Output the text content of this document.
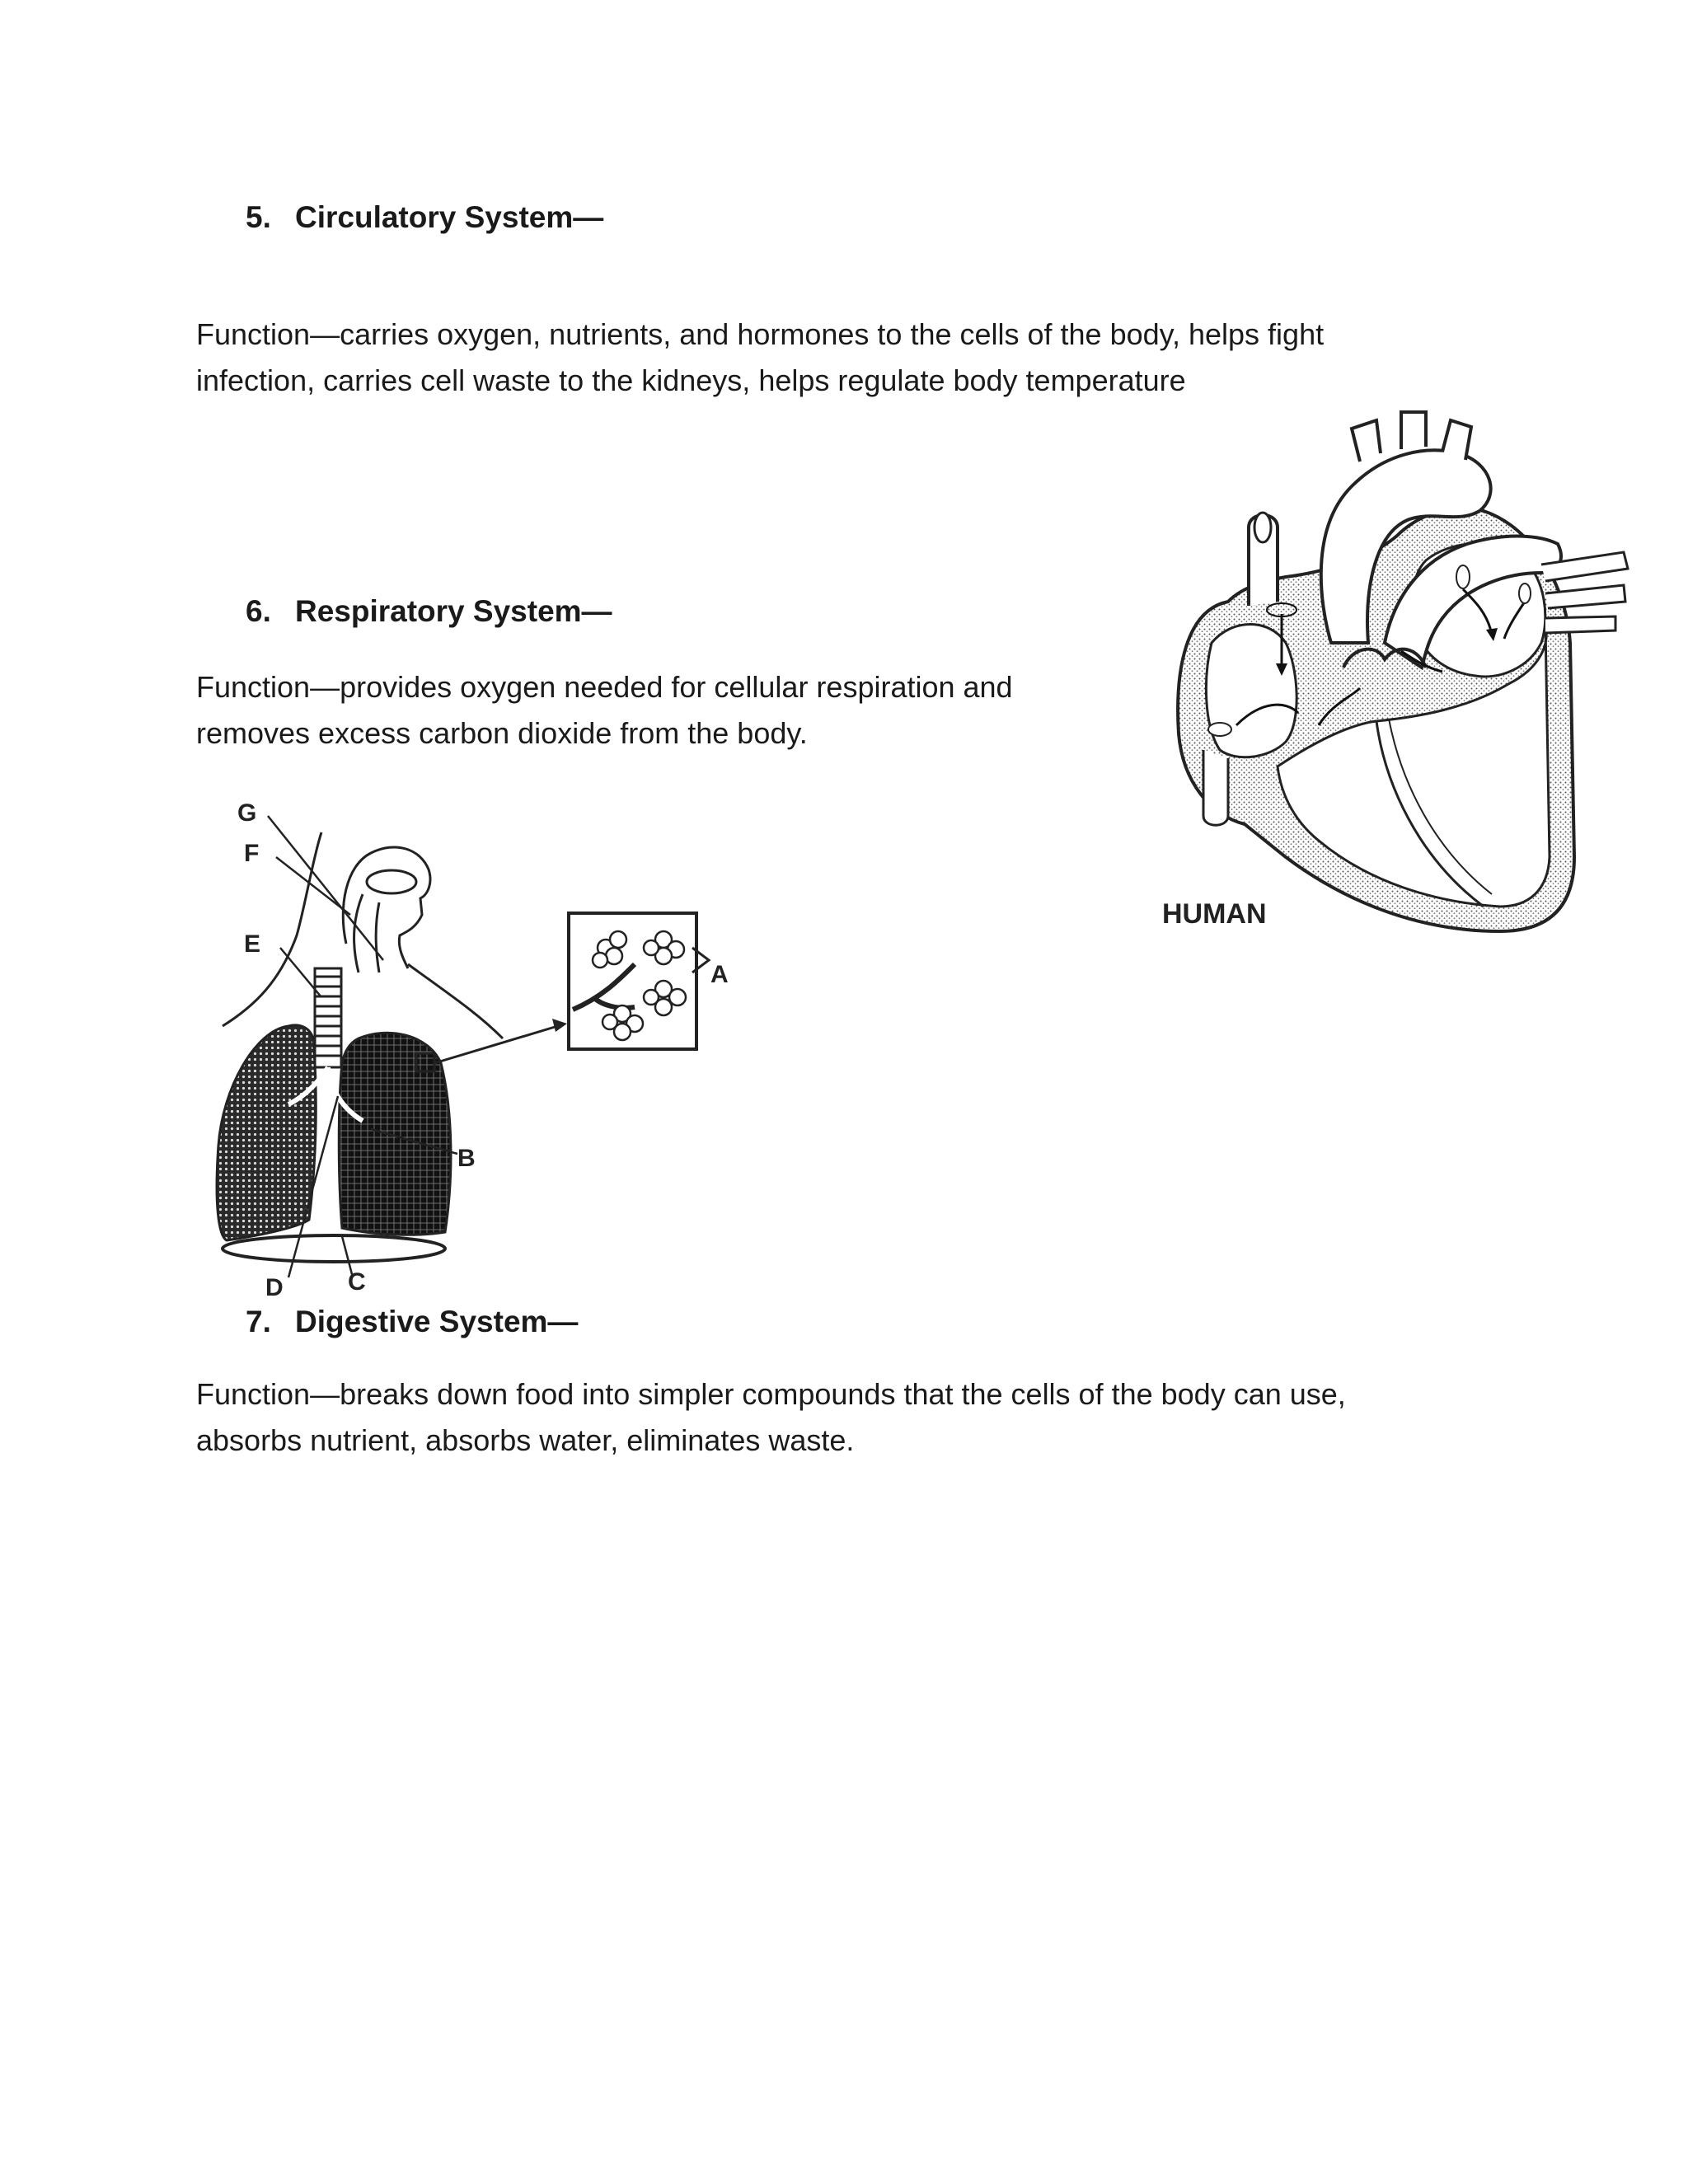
5. Circulatory System—
Function—carries oxygen, nutrients, and hormones to the cells of the body, helps fight
infection, carries cell waste to the kidneys, helps regulate body temperature
6. Respiratory System—
Function—provides oxygen needed for cellular respiration and
removes excess carbon dioxide from the body.
HUMAN
G
F
E
A
B
D	C
7. Digestive System—
Function—breaks down food into simpler compounds that the cells of the body can use,
absorbs nutrient, absorbs water, eliminates waste.
